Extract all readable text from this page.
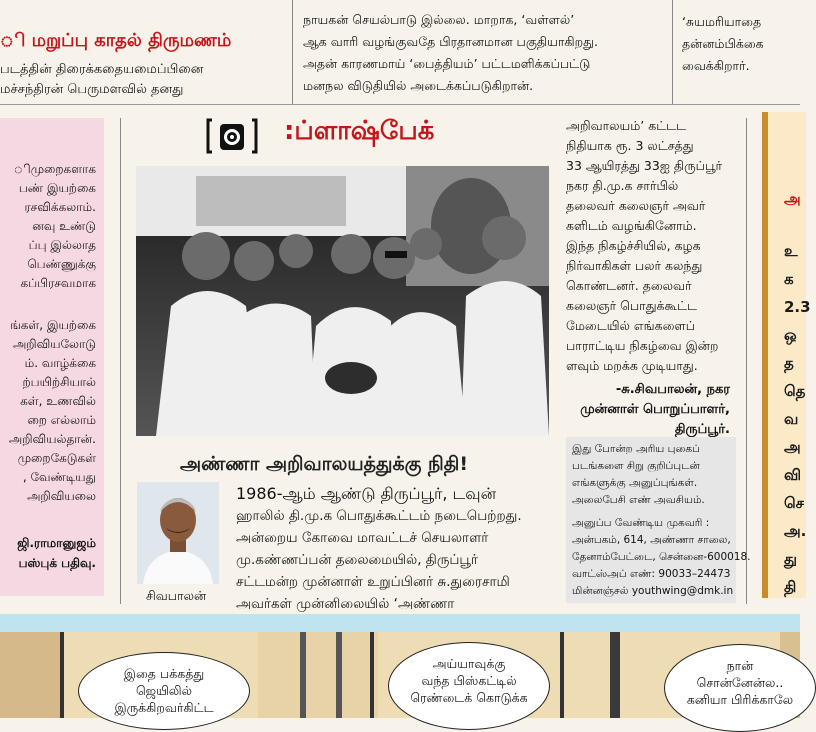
ி மறுப்பு காதல் திருமணம்
படத்தின் திரைக்கதையமைப்பினை
மச்சந்திரன் பெருமளவில் தனது
நாயகன் செயல்பாடு இல்லை. மாறாக, ‘வள்ளல்’
ஆக வாரி வழங்குவதே பிரதானமான பகுதியாகிறது.
அதன் காரணமாய் ‘பைத்தியம்’ பட்டமளிக்கப்பட்டு
மனநல விடுதியில் அடைக்கப்படுகிறான்.
‘சுயமரியாதை
தன்னம்பிக்கை
வைக்கிறார்.
ிமுறைகளாக
பண் இயற்கை
ரசவிக்கலாம்.
னவு உண்டு
ப்பு இல்லாத
பெண்ணுக்கு
கப்பிரசவமாக
ங்கள், இயற்கை
அறிவியலோடு
ம். வாழ்க்கை
ற்பயிற்சியால்
கள், உணவில்
றை எல்லாம்
அறிவியல்தான்.
முறைகேடுகள்
, வேண்டியது
அறிவியலை
ஜி.ராமானுஜம்
பஸ்புக் பதிவு.
:ப்ளாஷ்பேக்	அறிவாலயம்’ கட்டட
நிதியாக ரூ. 3 லட்சத்து
33 ஆயிரத்து 33ஐ திருப்பூர்
நகர தி.மு.க சார்பில்
தலைவர் கலைஞர் அவர்
களிடம் வழங்கினோம்.
இந்த நிகழ்ச்சியில், கழக
நிர்வாகிகள் பலர் கலந்து
கொண்டனர். தலைவர்
கலைஞர் பொதுக்கூட்ட
மேடையில் எங்களைப்
பாராட்டிய நிகழ்வை இன்ற
ளவும் மறக்க முடியாது.
-சு.சிவபாலன், நகர
முன்னாள் பொறுப்பாளர்,
திருப்பூர்.
இது போன்ற அரிய புகைப்
படங்களை சிறு குறிப்புடன்
எங்களுக்கு அனுப்புங்கள்.
அலைபேசி எண் அவசியம்.
அனுப்ப வேண்டிய முகவரி :
அன்பகம், 614, அண்ணா சாலை,
தேனாம்பேட்டை, சென்னை-600018.
வாட்ஸ்அப் எண்: 90033–24473
மின்னஞ்சல் youthwing@dmk.in
அண்ணா அறிவாலயத்துக்கு நிதி!
சிவபாலன்
1986-ஆம் ஆண்டு திருப்பூர், டவுன்
ஹாலில் தி.மு.க பொதுக்கூட்டம் நடைபெற்றது.
அன்றைய கோவை மாவட்டச் செயலாளர்
மு.கண்ணப்பன் தலைமையில், திருப்பூர்
சட்டமன்ற முன்னாள் உறுப்பினர் சு.துரைசாமி
அவர்கள் முன்னிலையில் ‘அண்ணா
அ
உ
க
2.3
ஒ
த
தெ
வ
அ
வி
செ
அ.
து
தி
இதை பக்கத்து
ஜெயிலில்
இருக்கிறவர்கிட்ட
அய்யாவுக்கு
வந்த பிஸ்கட்டில்
ரெண்டைக் கொடுக்க
நான்
சொன்னேன்ல..
கனியா பிரிக்காலே
